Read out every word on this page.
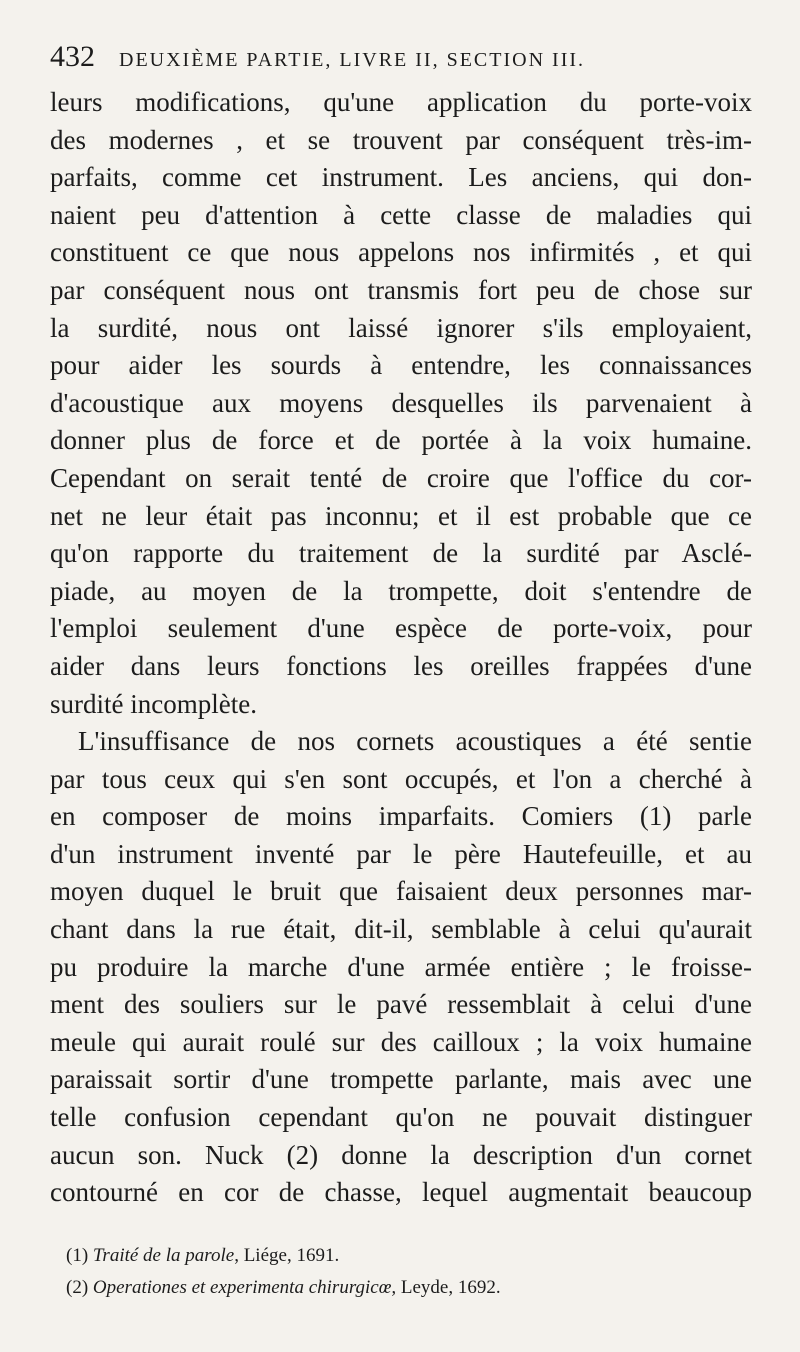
432 DEUXIÈME PARTIE, LIVRE II, SECTION III.
leurs modifications, qu'une application du porte-voix
des modernes , et se trouvent par conséquent très-im-
parfaits, comme cet instrument. Les anciens, qui don-
naient peu d'attention à cette classe de maladies qui
constituent ce que nous appelons nos infirmités , et qui
par conséquent nous ont transmis fort peu de chose sur
la surdité, nous ont laissé ignorer s'ils employaient,
pour aider les sourds à entendre, les connaissances
d'acoustique aux moyens desquelles ils parvenaient à
donner plus de force et de portée à la voix humaine.
Cependant on serait tenté de croire que l'office du cor-
net ne leur était pas inconnu; et il est probable que ce
qu'on rapporte du traitement de la surdité par Asclé-
piade, au moyen de la trompette, doit s'entendre de
l'emploi seulement d'une espèce de porte-voix, pour
aider dans leurs fonctions les oreilles frappées d'une
surdité incomplète.
L'insuffisance de nos cornets acoustiques a été sentie
par tous ceux qui s'en sont occupés, et l'on a cherché à
en composer de moins imparfaits. Comiers (1) parle
d'un instrument inventé par le père Hautefeuille, et au
moyen duquel le bruit que faisaient deux personnes mar-
chant dans la rue était, dit-il, semblable à celui qu'aurait
pu produire la marche d'une armée entière ; le froisse-
ment des souliers sur le pavé ressemblait à celui d'une
meule qui aurait roulé sur des cailloux ; la voix humaine
paraissait sortir d'une trompette parlante, mais avec une
telle confusion cependant qu'on ne pouvait distinguer
aucun son. Nuck (2) donne la description d'un cornet
contourné en cor de chasse, lequel augmentait beaucoup
(1) Traité de la parole, Liége, 1691.
(2) Operationes et experimenta chirurgicœ, Leyde, 1692.
